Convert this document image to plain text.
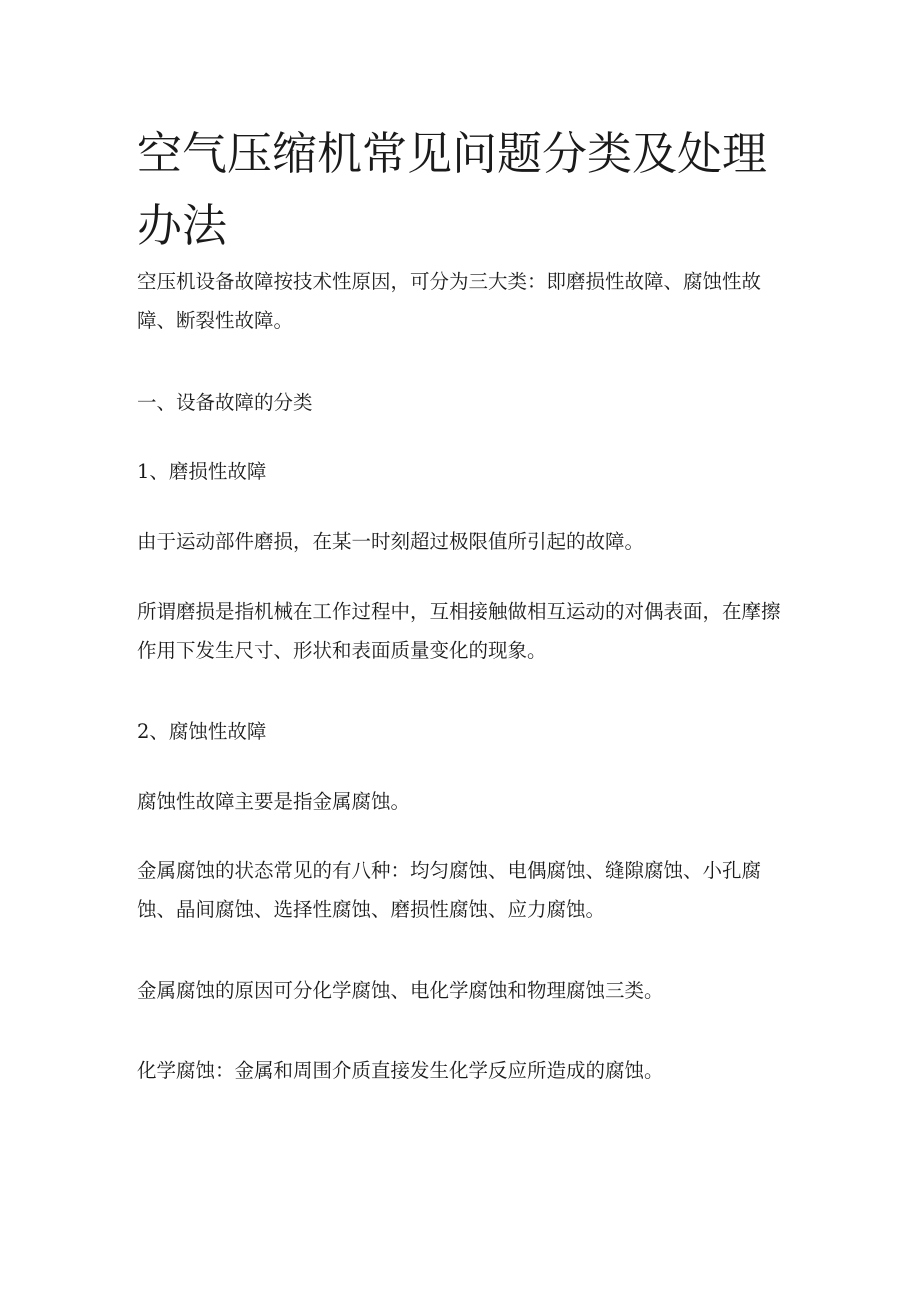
空气压缩机常见问题分类及处理办法

空压机设备故障按技术性原因，可分为三大类：即磨损性故障、腐蚀性故障、断裂性故障。

一、设备故障的分类

1、磨损性故障

由于运动部件磨损，在某一时刻超过极限值所引起的故障。

所谓磨损是指机械在工作过程中，互相接触做相互运动的对偶表面，在摩擦作用下发生尺寸、形状和表面质量变化的现象。

2、腐蚀性故障

腐蚀性故障主要是指金属腐蚀。

金属腐蚀的状态常见的有八种：均匀腐蚀、电偶腐蚀、缝隙腐蚀、小孔腐蚀、晶间腐蚀、选择性腐蚀、磨损性腐蚀、应力腐蚀。

金属腐蚀的原因可分化学腐蚀、电化学腐蚀和物理腐蚀三类。

化学腐蚀：金属和周围介质直接发生化学反应所造成的腐蚀。
